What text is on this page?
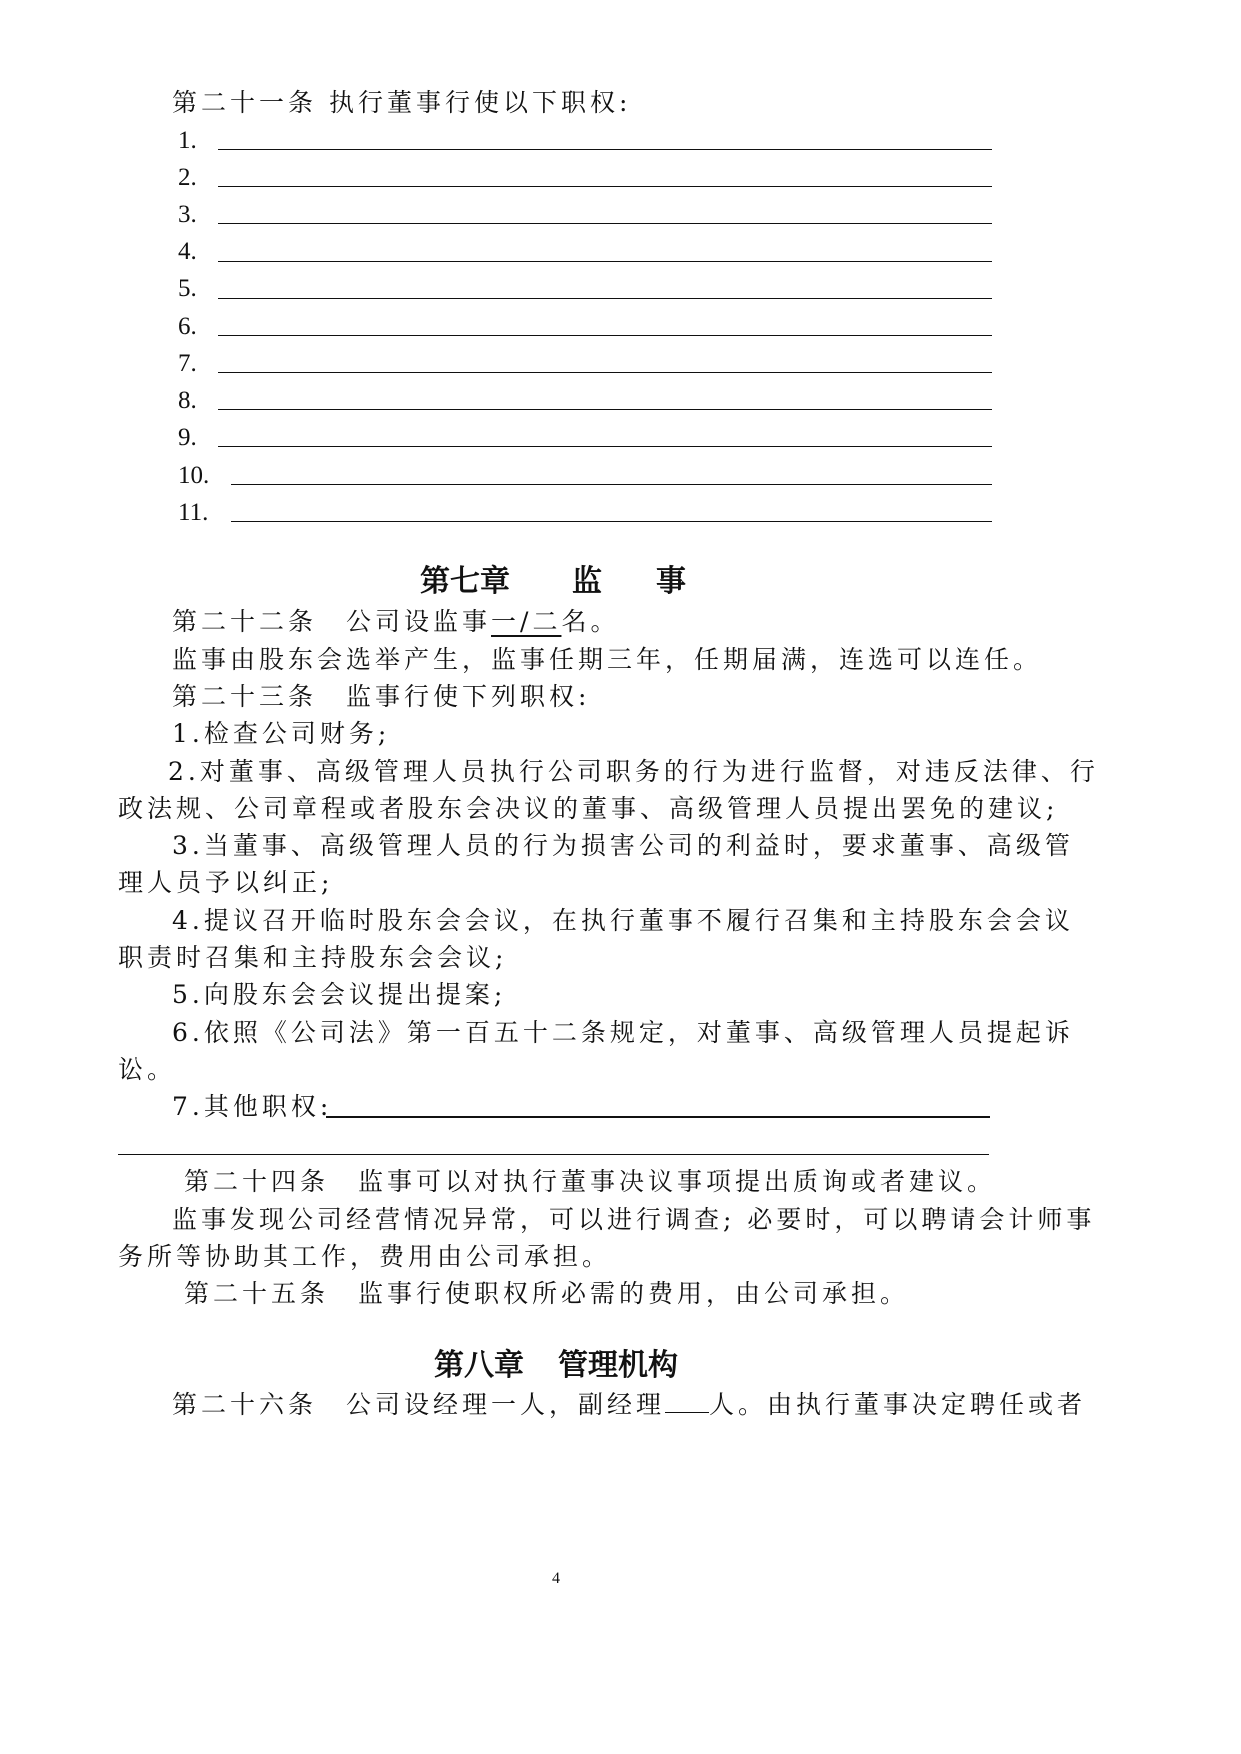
第二十一条 执行董事行使以下职权:
1.
2.
3.
4.
5.
6.
7.
8.
9.
10.
11.
第七章 监 事
第二十二条　公司设监事一/二名。
监事由股东会选举产生，监事任期三年，任期届满，连选可以连任。
第二十三条　监事行使下列职权:
1.检查公司财务;
2.对董事、高级管理人员执行公司职务的行为进行监督，对违反法律、行
政法规、公司章程或者股东会决议的董事、高级管理人员提出罢免的建议;
3.当董事、高级管理人员的行为损害公司的利益时，要求董事、高级管
理人员予以纠正;
4.提议召开临时股东会会议，在执行董事不履行召集和主持股东会会议
职责时召集和主持股东会会议;
5.向股东会会议提出提案;
6.依照《公司法》第一百五十二条规定，对董事、高级管理人员提起诉
讼。
7.其他职权:
第二十四条　监事可以对执行董事决议事项提出质询或者建议。
监事发现公司经营情况异常，可以进行调查; 必要时，可以聘请会计师事
务所等协助其工作，费用由公司承担。
第二十五条　监事行使职权所必需的费用，由公司承担。
第八章 管理机构
第二十六条　公司设经理一人，副经理 人。由执行董事决定聘任或者
4
